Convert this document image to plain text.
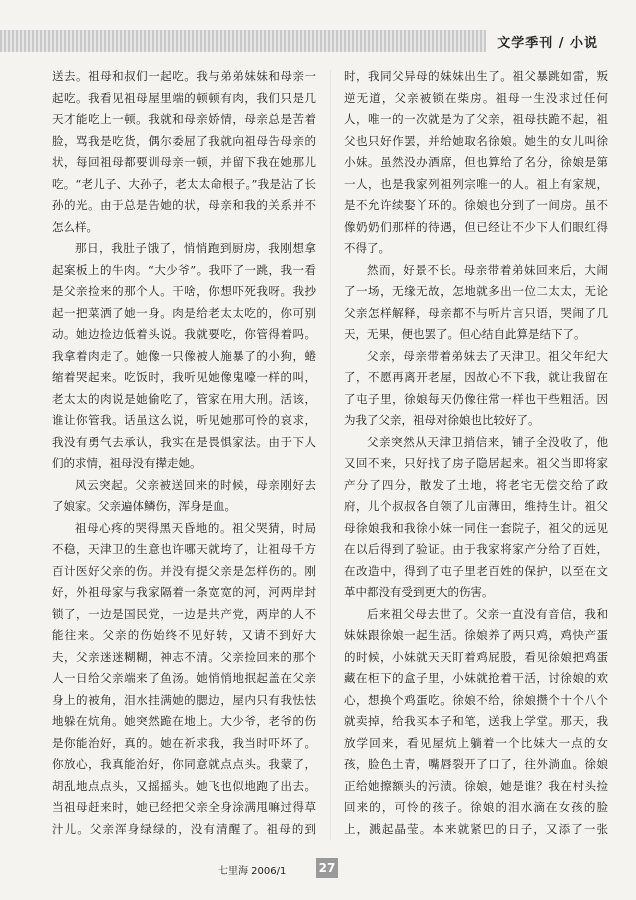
文学季刊 / 小说

送去。祖母和叔们一起吃。我与弟弟妹妹和母亲一起吃。我看见祖母屋里端的顿顿有肉，我们只是几天才能吃上一顿。我就和母亲娇情，母亲总是苦着脸，骂我是吃货，偶尔委屈了我就向祖母告母亲的状，每回祖母都要训母亲一顿，并留下我在她那儿吃。“老儿子、大孙子，老太太命根子。”我是沾了长孙的光。由于总是告她的状，母亲和我的关系并不怎么样。

那日，我肚子饿了，悄悄跑到厨房，我刚想拿起案板上的牛肉。“大少爷”。我吓了一跳，我一看是父亲捡来的那个人。干啥，你想吓死我呀。我抄起一把菜洒了她一身。肉是给老太太吃的，你可别动。她边捡边低着头说。我就要吃，你管得着吗。我拿着肉走了。她像一只像被人施暴了的小狗，蜷缩着哭起来。吃饭时，我听见她像鬼嚎一样的叫，老太太的肉说是她偷吃了，管家在用大刑。活该，谁让你管我。话虽这么说，听见她那可怜的哀求，我没有勇气去承认，我实在是畏惧家法。由于下人们的求情，祖母没有撵走她。

风云突起。父亲被送回来的时候，母亲刚好去了娘家。父亲遍体鳞伤，浑身是血。

祖母心疼的哭得黑天昏地的。祖父哭猜，时局不稳，天津卫的生意也许哪天就垮了，让祖母千方百计医好父亲的伤。并没有提父亲是怎样伤的。刚好，外祖母家与我家隔着一条宽宽的河，河两岸封锁了，一边是国民党，一边是共产党，两岸的人不能往来。父亲的伤始终不见好转，又请不到好大夫，父亲迷迷糊糊，神志不清。父亲捡回来的那个人一日给父亲端来了鱼汤。她悄悄地抿起盖在父亲身上的被角，泪水挂满她的腮边，屋内只有我怯怯地躲在炕角。她突然跪在地上。大少爷，老爷的伤是你能治好，真的。她在祈求我，我当时吓坏了。你放心，我真能治好，你同意就点点头。我蒙了，胡乱地点点头，又摇摇头。她飞也似地跑了出去。当祖母赶来时，她已经把父亲全身涂满甩嘛过得草汁儿。父亲浑身绿绿的，没有清醒了。祖母的到

时，我同父异母的妹妹出生了。祖父暴跳如雷，叛逆无道，父亲被锁在柴房。祖母一生没求过任何人，唯一的一次就是为了父亲，祖母扶跪不起，祖父也只好作罢，并给她取名徐娘。她生的女儿叫徐小妹。虽然没办酒席，但也算给了名分，徐娘是第一人，也是我家列祖列宗唯一的人。祖上有家规，是不允许续娶丫环的。徐娘也分到了一间房。虽不像奶奶们那样的待遇，但已经让不少下人们眼红得不得了。

然而，好景不长。母亲带着弟妹回来后，大闹了一场，无缘无故，怎地就多出一位二太太，无论父亲怎样解释，母亲都不与听片言只语，哭闹了几天，无果，便也罢了。但心结自此算是结下了。

父亲，母亲带着弟妹去了天津卫。祖父年纪大了，不愿再离开老屋，因故心不下我，就让我留在了屯子里，徐娘每天仍像往常一样也干些粗活。因为我了父亲，祖母对徐娘也比较好了。

父亲突然从天津卫捎信来，铺子全没收了，他又回不来，只好找了房子隐居起来。祖父当即将家产分了四分，散发了土地，将老宅无偿交给了政府，儿个叔叔各自领了儿亩薄田，维持生计。祖父母徐娘我和我徐小妹一同住一套院子，祖父的远见在以后得到了验证。由于我家将家产分给了百姓，在改造中，得到了屯子里老百姓的保护，以至在文革中都没有受到更大的伤害。

后来祖父母去世了。父亲一直没有音信，我和妹妹跟徐娘一起生活。徐娘养了两只鸡，鸡快产蛋的时候，小妹就天天盯着鸡屁股，看见徐娘把鸡蛋藏在柜下的盒子里，小妹就抢着干活，讨徐娘的欢心，想换个鸡蛋吃。徐娘不给，徐娘攒个十个八个就卖掉，给我买本子和笔，送我上学堂。那天，我放学回来，看见屋炕上躺着一个比妹大一点的女孩，脸色土青，嘴唇裂开了口了，往外淌血。徐娘正给她擦额头的污渍。徐娘，她是谁？我在村头捡回来的，可怜的孩子。徐娘的泪水滴在女孩的脸上，溅起晶莹。本来就紧巴的日子，又添了一张

七里海 2006/1	27
